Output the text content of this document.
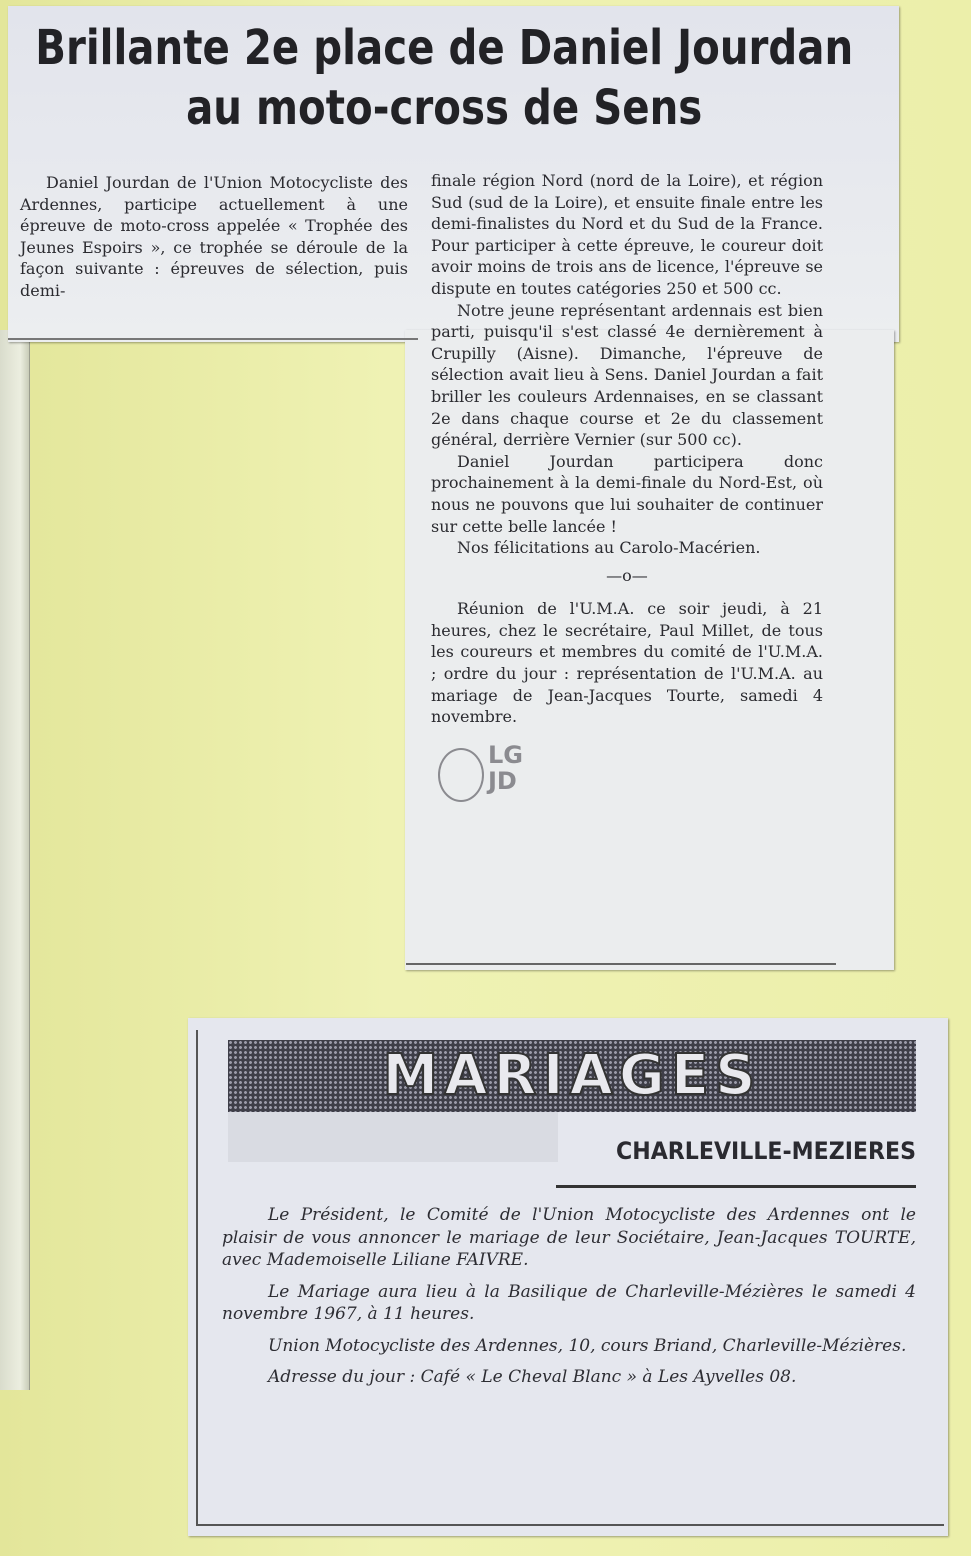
Brillante 2e place de Daniel Jourdan
au moto-cross de Sens

Daniel Jourdan de l'Union Motocycliste des Ardennes, participe actuellement à une épreuve de moto-cross appelée « Trophée des Jeunes Espoirs », ce trophée se déroule de la façon suivante : épreuves de sélection, puis demi-

finale région Nord (nord de la Loire), et région Sud (sud de la Loire), et ensuite finale entre les demi-finalistes du Nord et du Sud de la France. Pour participer à cette épreuve, le coureur doit avoir moins de trois ans de licence, l'épreuve se dispute en toutes catégories 250 et 500 cc.

Notre jeune représentant ardennais est bien parti, puisqu'il s'est classé 4e dernièrement à Crupilly (Aisne). Dimanche, l'épreuve de sélection avait lieu à Sens. Daniel Jourdan a fait briller les couleurs Ardennaises, en se classant 2e dans chaque course et 2e du classement général, derrière Vernier (sur 500 cc).

Daniel Jourdan participera donc prochainement à la demi-finale du Nord-Est, où nous ne pouvons que lui souhaiter de continuer sur cette belle lancée !

Nos félicitations au Carolo-Macérien.

—o—

Réunion de l'U.M.A. ce soir jeudi, à 21 heures, chez le secrétaire, Paul Millet, de tous les coureurs et membres du comité de l'U.M.A. ; ordre du jour : représentation de l'U.M.A. au mariage de Jean-Jacques Tourte, samedi 4 novembre.

LG
JD
MARIAGES
CHARLEVILLE-MEZIERES

Le Président, le Comité de l'Union Motocycliste des Ardennes ont le plaisir de vous annoncer le mariage de leur Sociétaire, Jean-Jacques TOURTE, avec Mademoiselle Liliane FAIVRE.

Le Mariage aura lieu à la Basilique de Charleville-Mézières le samedi 4 novembre 1967, à 11 heures.

Union Motocycliste des Ardennes, 10, cours Briand, Charleville-Mézières.

Adresse du jour : Café « Le Cheval Blanc » à Les Ayvelles 08.
